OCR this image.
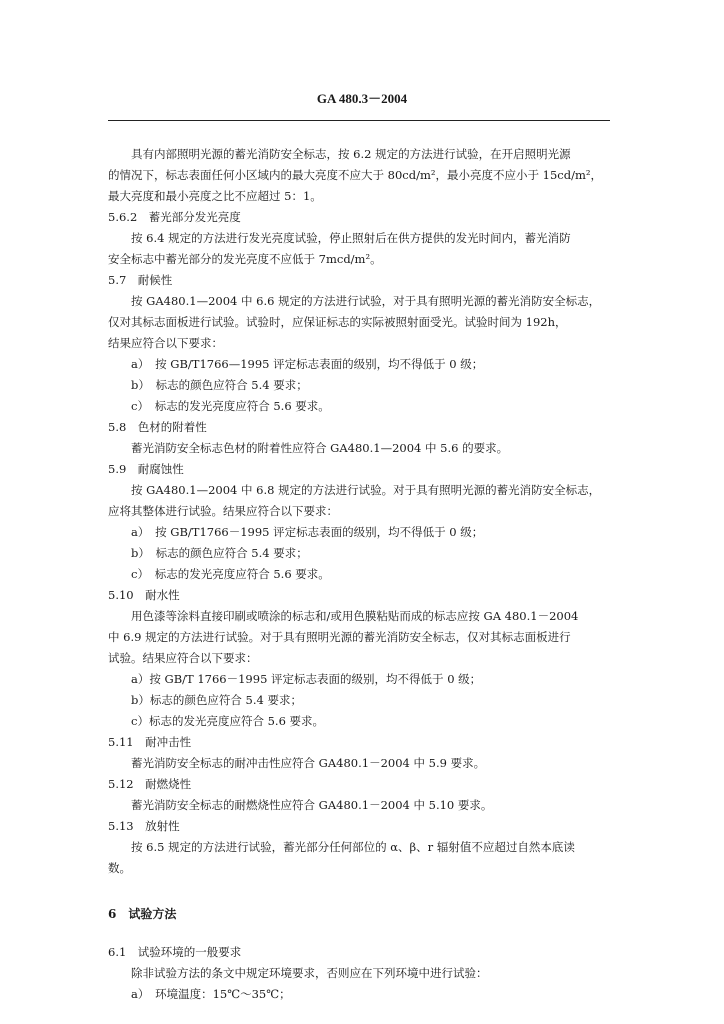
GA 480.3－2004
具有内部照明光源的蓄光消防安全标志，按 6.2 规定的方法进行试验，在开启照明光源
的情况下，标志表面任何小区域内的最大亮度不应大于 80cd/m²，最小亮度不应小于 15cd/m²，
最大亮度和最小亮度之比不应超过 5：1。
5.6.2　蓄光部分发光亮度
按 6.4 规定的方法进行发光亮度试验，停止照射后在供方提供的发光时间内，蓄光消防
安全标志中蓄光部分的发光亮度不应低于 7mcd/m²。
5.7　耐候性
按 GA480.1—2004 中 6.6 规定的方法进行试验，对于具有照明光源的蓄光消防安全标志，
仅对其标志面板进行试验。试验时，应保证标志的实际被照射面受光。试验时间为 192h，
结果应符合以下要求：
a）　按 GB/T1766—1995 评定标志表面的级别，均不得低于 0 级；
b）　标志的颜色应符合 5.4 要求；
c）　标志的发光亮度应符合 5.6 要求。
5.8　色材的附着性
蓄光消防安全标志色材的附着性应符合 GA480.1—2004 中 5.6 的要求。
5.9　耐腐蚀性
按 GA480.1—2004 中 6.8 规定的方法进行试验。对于具有照明光源的蓄光消防安全标志，
应将其整体进行试验。结果应符合以下要求：
a）　按 GB/T1766－1995 评定标志表面的级别，均不得低于 0 级；
b）　标志的颜色应符合 5.4 要求；
c）　标志的发光亮度应符合 5.6 要求。
5.10　耐水性
用色漆等涂料直接印刷或喷涂的标志和/或用色膜粘贴而成的标志应按 GA 480.1－2004
中 6.9 规定的方法进行试验。对于具有照明光源的蓄光消防安全标志，仅对其标志面板进行
试验。结果应符合以下要求：
a）按 GB/T 1766－1995 评定标志表面的级别，均不得低于 0 级；
b）标志的颜色应符合 5.4 要求；
c）标志的发光亮度应符合 5.6 要求。
5.11　耐冲击性
蓄光消防安全标志的耐冲击性应符合 GA480.1－2004 中 5.9 要求。
5.12　耐燃烧性
蓄光消防安全标志的耐燃烧性应符合 GA480.1－2004 中 5.10 要求。
5.13　放射性
按 6.5 规定的方法进行试验，蓄光部分任何部位的 α、β、r 辐射值不应超过自然本底读
数。
6　试验方法
6.1　试验环境的一般要求
除非试验方法的条文中规定环境要求，否则应在下列环境中进行试验：
a）　环境温度：15℃～35℃；
